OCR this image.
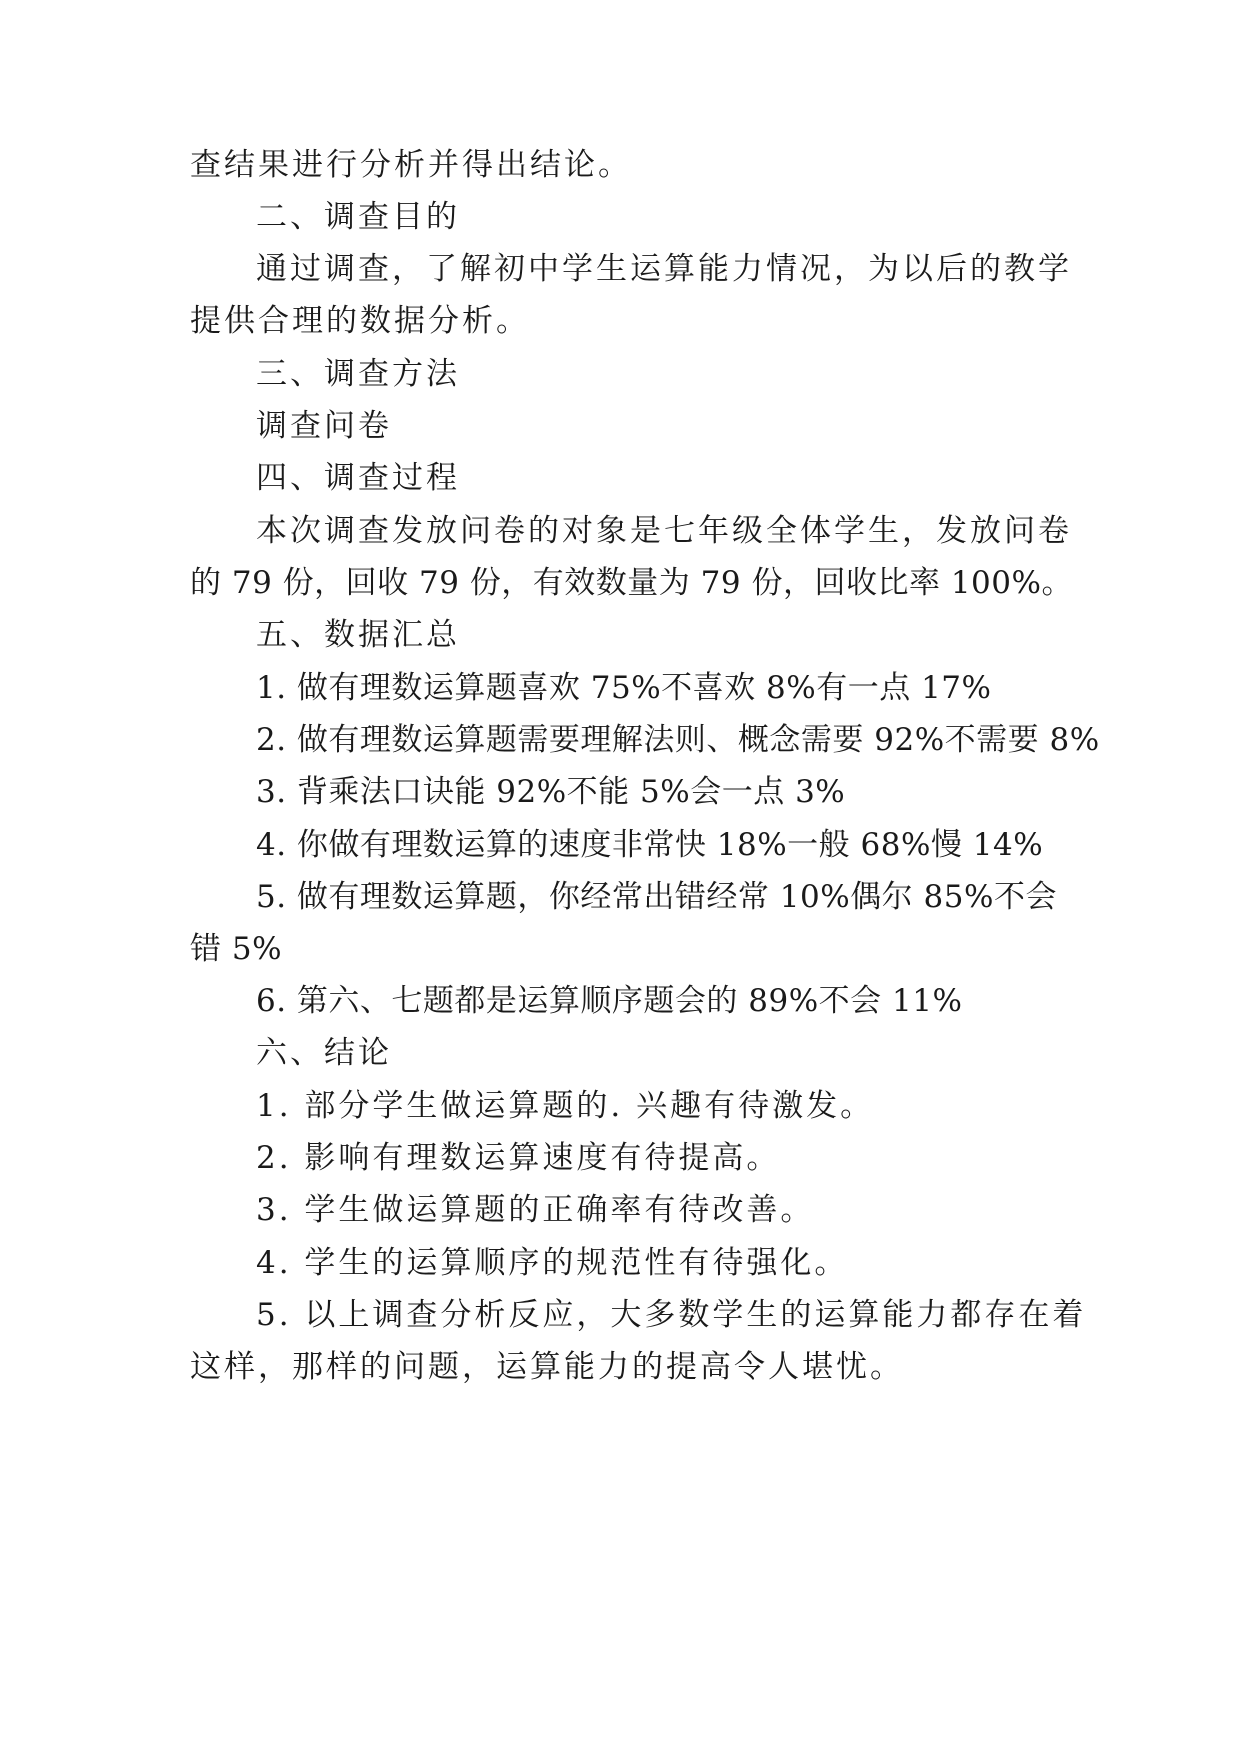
查结果进行分析并得出结论。
二、调查目的
通过调查，了解初中学生运算能力情况，为以后的教学
提供合理的数据分析。
三、调查方法
调查问卷
四、调查过程
本次调查发放问卷的对象是七年级全体学生，发放问卷
的 79 份，回收 79 份，有效数量为 79 份，回收比率 100%。
五、数据汇总
1. 做有理数运算题喜欢 75%不喜欢 8%有一点 17%
2. 做有理数运算题需要理解法则、概念需要 92%不需要 8%
3. 背乘法口诀能 92%不能 5%会一点 3%
4. 你做有理数运算的速度非常快 18%一般 68%慢 14%
5. 做有理数运算题，你经常出错经常 10%偶尔 85%不会
错 5%
6. 第六、七题都是运算顺序题会的 89%不会 11%
六、结论
1. 部分学生做运算题的. 兴趣有待激发。
2. 影响有理数运算速度有待提高。
3. 学生做运算题的正确率有待改善。
4. 学生的运算顺序的规范性有待强化。
5. 以上调查分析反应，大多数学生的运算能力都存在着
这样，那样的问题，运算能力的提高令人堪忧。
